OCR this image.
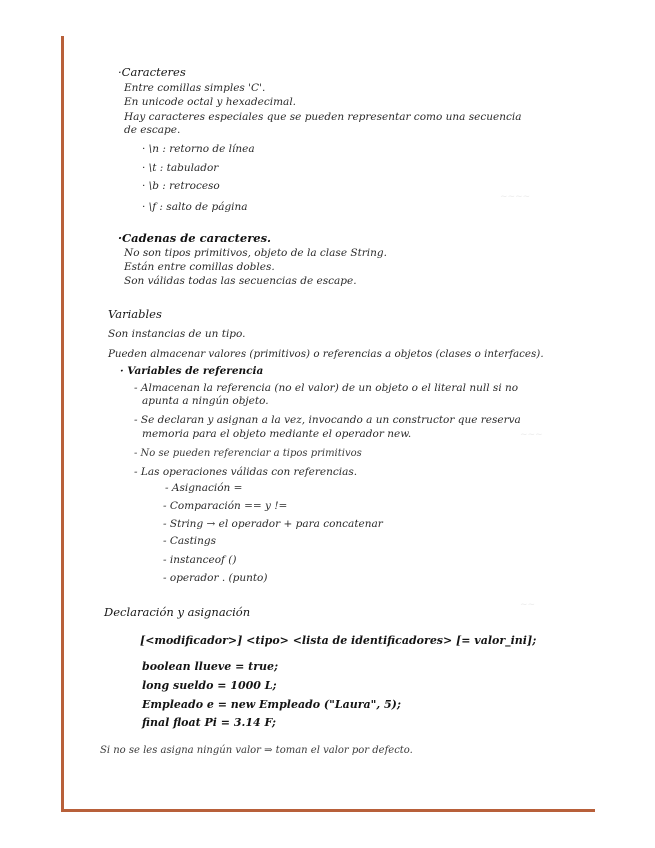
~~~~
~~~
~~
·Caracteres
Entre comillas simples 'C'.
En unicode octal y hexadecimal.
Hay caracteres especiales que se pueden representar como una secuencia
de escape.
· \n : retorno de línea
· \t : tabulador
· \b : retroceso
· \f : salto de página
·Cadenas de caracteres.
No son tipos primitivos, objeto de la clase String.
Están entre comillas dobles.
Son válidas todas las secuencias de escape.
Variables
Son instancias de un tipo.
Pueden almacenar valores (primitivos) o referencias a objetos (clases o interfaces).
· Variables de referencia
- Almacenan la referencia (no el valor) de un objeto o el literal null si no
apunta a ningún objeto.
- Se declaran y asignan a la vez, invocando a un constructor que reserva
memoria para el objeto mediante el operador new.
- No se pueden referenciar a tipos primitivos
- Las operaciones válidas con referencias.
- Asignación =
- Comparación == y !=
- String → el operador + para concatenar
- Castings
- instanceof ()
- operador . (punto)
Declaración y asignación
[<modificador>] <tipo> <lista de identificadores> [= valor_ini];
boolean llueve = true;
long sueldo = 1000 L;
Empleado e = new Empleado ("Laura", 5);
final float Pi = 3.14 F;
Si no se les asigna ningún valor ⇒ toman el valor por defecto.
